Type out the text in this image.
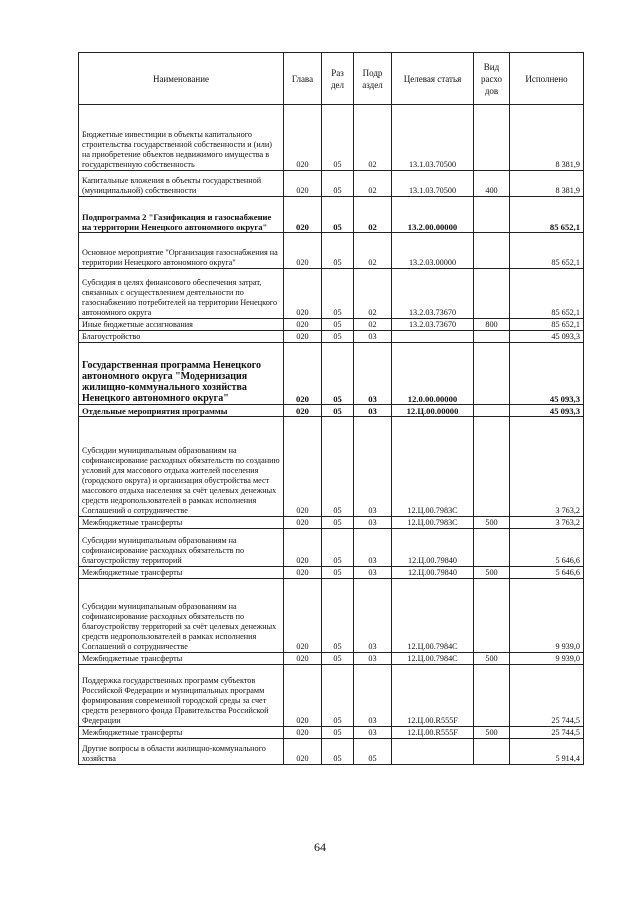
Наименование	Глава	Раз дел	Подр аздел	Целевая статья	Вид расхо дов	Исполнено
Бюджетные инвестиции в объекты капитального строительства государственной собственности и (или) на приобретение объектов недвижимого имущества в государственную собственность	020	05	02	13.1.03.70500		8 381,9
Капитальные вложения в объекты государственной (муниципальной) собственности	020	05	02	13.1.03.70500	400	8 381,9
Подпрограмма 2 "Газификация и газоснабжение на территории Ненецкого автономного округа"	020	05	02	13.2.00.00000		85 652,1
Основное мероприятие "Организация газоснабжения на территории Ненецкого автономного округа"	020	05	02	13.2.03.00000		85 652,1
Субсидия в целях финансового обеспечения затрат, связанных с осуществлением деятельности по газоснабжению потребителей на территории Ненецкого автономного округа	020	05	02	13.2.03.73670		85 652,1
Иные бюджетные ассигнования	020	05	02	13.2.03.73670	800	85 652,1
Благоустройство	020	05	03			45 093,3
Государственная программа Ненецкого автономного округа "Модернизация жилищно-коммунального хозяйства Ненецкого автономного округа"	020	05	03	12.0.00.00000		45 093,3
Отдельные мероприятия программы	020	05	03	12.Ц.00.00000		45 093,3
Субсидии муниципальным образованиям на софинансирование расходных обязательств по созданию условий для массового отдыха жителей поселения (городского округа) и организация обустройства мест массового отдыха населения за счёт целевых денежных средств недропользователей в рамках исполнения Соглашений о сотрудничестве	020	05	03	12.Ц.00.7983С		3 763,2
Межбюджетные трансферты	020	05	03	12.Ц.00.7983С	500	3 763,2
Субсидии муниципальным образованиям на софинансирование расходных обязательств по благоустройству территорий	020	05	03	12.Ц.00.79840		5 646,6
Межбюджетные трансферты	020	05	03	12.Ц.00.79840	500	5 646,6
Субсидии муниципальным образованиям на софинансирование расходных обязательств по благоустройству территорий за счёт целевых денежных средств недропользователей в рамках исполнения Соглашений о сотрудничестве	020	05	03	12.Ц.00.7984С		9 939,0
Межбюджетные трансферты	020	05	03	12.Ц.00.7984С	500	9 939,0
Поддержка государственных программ субъектов Российской Федерации и муниципальных программ формирования современной городской среды за счет средств резервного фонда Правительства Российской Федерации	020	05	03	12.Ц.00.R555F		25 744,5
Межбюджетные трансферты	020	05	03	12.Ц.00.R555F	500	25 744,5
Другие вопросы в области жилищно-коммунального хозяйства	020	05	05			5 914,4
64
